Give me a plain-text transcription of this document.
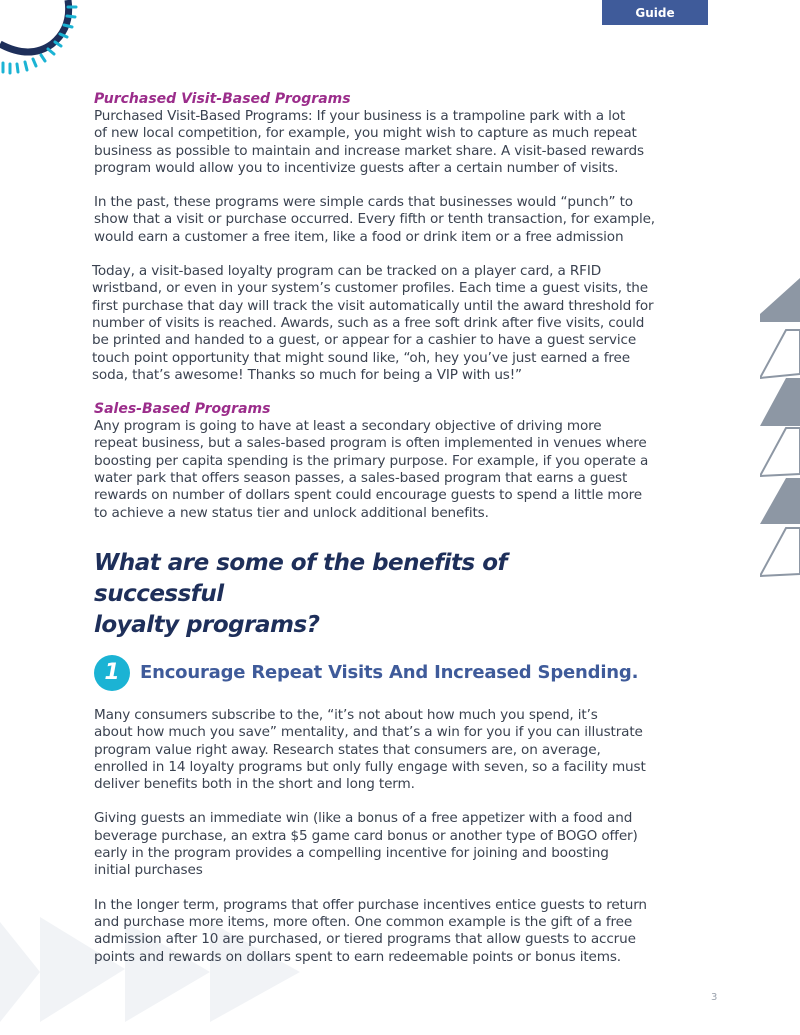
Guide
Purchased Visit-Based Programs

Purchased Visit-Based Programs: If your business is a trampoline park with a lot
of new local competition, for example, you might wish to capture as much repeat
business as possible to maintain and increase market share. A visit-based rewards
program would allow you to incentivize guests after a certain number of visits.

In the past, these programs were simple cards that businesses would “punch” to
show that a visit or purchase occurred. Every fifth or tenth transaction, for example,
would earn a customer a free item, like a food or drink item or a free admission

Today, a visit-based loyalty program can be tracked on a player card, a RFID
wristband, or even in your system’s customer profiles. Each time a guest visits, the
first purchase that day will track the visit automatically until the award threshold for
number of visits is reached. Awards, such as a free soft drink after five visits, could
be printed and handed to a guest, or appear for a cashier to have a guest service
touch point opportunity that might sound like, “oh, hey you’ve just earned a free
soda, that’s awesome! Thanks so much for being a VIP with us!”

Sales-Based Programs

Any program is going to have at least a secondary objective of driving more
repeat business, but a sales-based program is often implemented in venues where
boosting per capita spending is the primary purpose. For example, if you operate a
water park that offers season passes, a sales-based program that earns a guest
rewards on number of dollars spent could encourage guests to spend a little more
to achieve a new status tier and unlock additional benefits.

What are some of the benefits of successful
loyalty programs?
1	Encourage Repeat Visits And Increased Spending.

Many consumers subscribe to the, “it’s not about how much you spend, it’s
about how much you save” mentality, and that’s a win for you if you can illustrate
program value right away. Research states that consumers are, on average,
enrolled in 14 loyalty programs but only fully engage with seven, so a facility must
deliver benefits both in the short and long term.

Giving guests an immediate win (like a bonus of a free appetizer with a food and
beverage purchase, an extra $5 game card bonus or another type of BOGO offer)
early in the program provides a compelling incentive for joining and boosting
initial purchases

In the longer term, programs that offer purchase incentives entice guests to return
and purchase more items, more often. One common example is the gift of a free
admission after 10 are purchased, or tiered programs that allow guests to accrue
points and rewards on dollars spent to earn redeemable points or bonus items.

3
